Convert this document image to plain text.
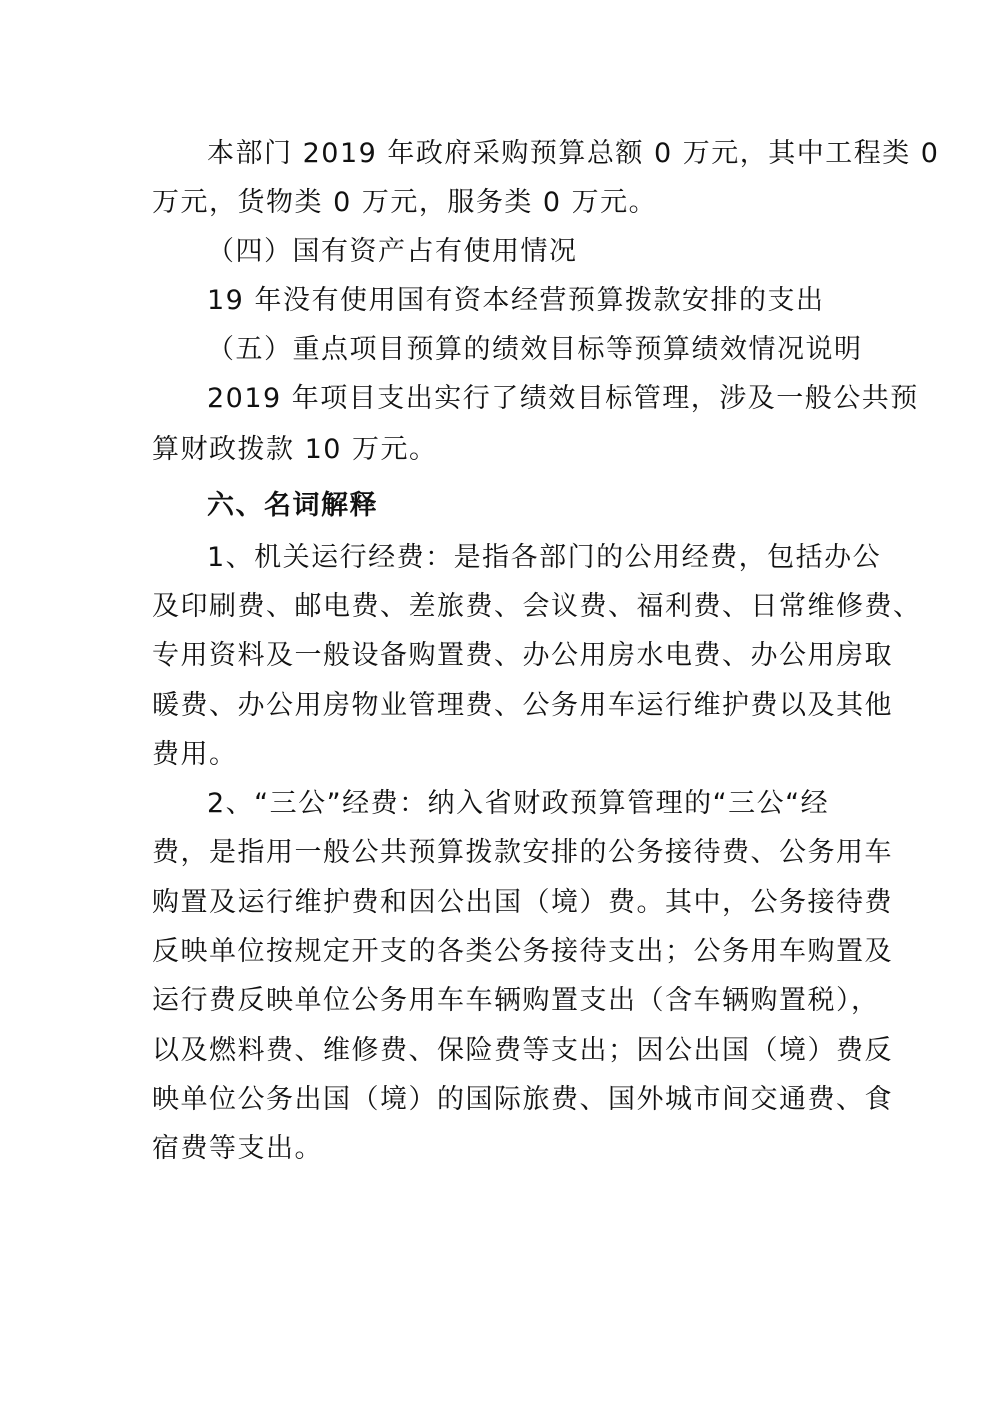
本部门 2019 年政府采购预算总额 0 万元，其中工程类 0

万元，货物类 0 万元，服务类 0 万元。

（四）国有资产占有使用情况

19 年没有使用国有资本经营预算拨款安排的支出

（五）重点项目预算的绩效目标等预算绩效情况说明

2019 年项目支出实行了绩效目标管理，涉及一般公共预

算财政拨款 10 万元。

六、名词解释

1、机关运行经费：是指各部门的公用经费，包括办公

及印刷费、邮电费、差旅费、会议费、福利费、日常维修费、

专用资料及一般设备购置费、办公用房水电费、办公用房取

暖费、办公用房物业管理费、公务用车运行维护费以及其他

费用。

2、“三公”经费：纳入省财政预算管理的“三公“经

费，是指用一般公共预算拨款安排的公务接待费、公务用车

购置及运行维护费和因公出国（境）费。其中，公务接待费

反映单位按规定开支的各类公务接待支出；公务用车购置及

运行费反映单位公务用车车辆购置支出（含车辆购置税），

以及燃料费、维修费、保险费等支出；因公出国（境）费反

映单位公务出国（境）的国际旅费、国外城市间交通费、食

宿费等支出。
